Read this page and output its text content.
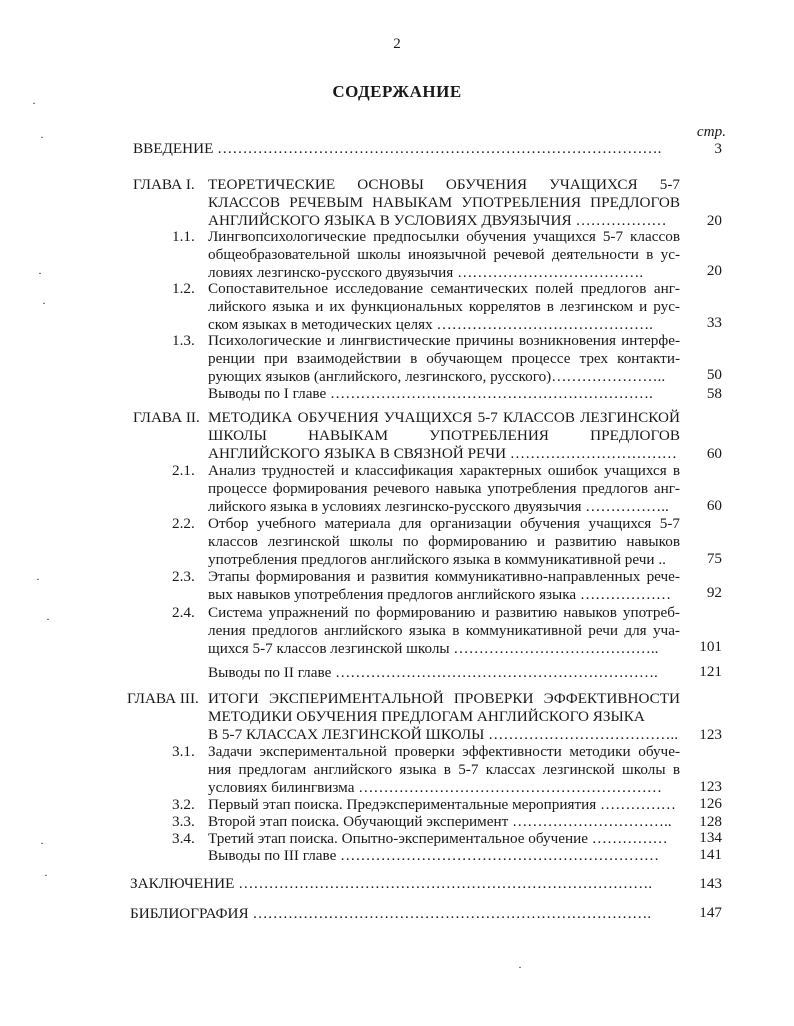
2
СОДЕРЖАНИЕ
стр.
·
·
·
·
·
·
·
·
·
ВВЕДЕНИЕ …………………………………………………………………………….	3
ГЛАВА I. ТЕОРЕТИЧЕСКИЕ ОСНОВЫ ОБУЧЕНИЯ УЧАЩИХСЯ 5-7
КЛАССОВ РЕЧЕВЫМ НАВЫКАМ УПОТРЕБЛЕНИЯ ПРЕДЛОГОВ
АНГЛИЙСКОГО ЯЗЫКА В УСЛОВИЯХ ДВУЯЗЫЧИЯ ………………	20
1.1. Лингвопсихологические предпосылки обучения учащихся 5-7 классов
общеобразовательной школы иноязычной речевой деятельности в ус-
ловиях лезгинско-русского двуязычия ……………………………….	20
1.2. Сопоставительное исследование семантических полей предлогов анг-
лийского языка и их функциональных коррелятов в лезгинском и рус-
ском языках в методических целях …………………………………….	33
1.3. Психологические и лингвистические причины возникновения интерфе-
ренции при взаимодействии в обучающем процессе трех контакти-
рующих языков (английского, лезгинского, русского)…………………..	50
Выводы по I главе ……………………………………………………….	58
ГЛАВА II. МЕТОДИКА ОБУЧЕНИЯ УЧАЩИХСЯ 5-7 КЛАССОВ ЛЕЗГИНСКОЙ
ШКОЛЫ НАВЫКАМ УПОТРЕБЛЕНИЯ ПРЕДЛОГОВ
АНГЛИЙСКОГО ЯЗЫКА В СВЯЗНОЙ РЕЧИ ……………………………	60
2.1. Анализ трудностей и классификация характерных ошибок учащихся в
процессе формирования речевого навыка употребления предлогов анг-
лийского языка в условиях лезгинско-русского двуязычия ……………..	60
2.2. Отбор учебного материала для организации обучения учащихся 5-7
классов лезгинской школы по формированию и развитию навыков
употребления предлогов английского языка в коммуникативной речи ..	75
2.3. Этапы формирования и развития коммуникативно-направленных рече-
вых навыков употребления предлогов английского языка ………………	92
2.4. Система упражнений по формированию и развитию навыков употреб-
ления предлогов английского языка в коммуникативной речи для уча-
щихся 5-7 классов лезгинской школы …………………………………..	101
Выводы по II главе ……………………………………………………….	121
ГЛАВА III. ИТОГИ ЭКСПЕРИМЕНТАЛЬНОЙ ПРОВЕРКИ ЭФФЕКТИВНОСТИ
МЕТОДИКИ ОБУЧЕНИЯ ПРЕДЛОГАМ АНГЛИЙСКОГО ЯЗЫКА
В 5-7 КЛАССАХ ЛЕЗГИНСКОЙ ШКОЛЫ ………………………………..	123
3.1. Задачи экспериментальной проверки эффективности методики обуче-
ния предлогам английского языка в 5-7 классах лезгинской школы в
условиях билингвизма ……………………………………………………	123
3.2. Первый этап поиска. Предэкспериментальные мероприятия ……………	126
3.3. Второй этап поиска. Обучающий эксперимент …………………………..	128
3.4. Третий этап поиска. Опытно-экспериментальное обучение ……………	134
Выводы по III главе ………………………………………………………	141
ЗАКЛЮЧЕНИЕ ……………………………………………………………………….	143
БИБЛИОГРАФИЯ …………………………………………………………………….	147
